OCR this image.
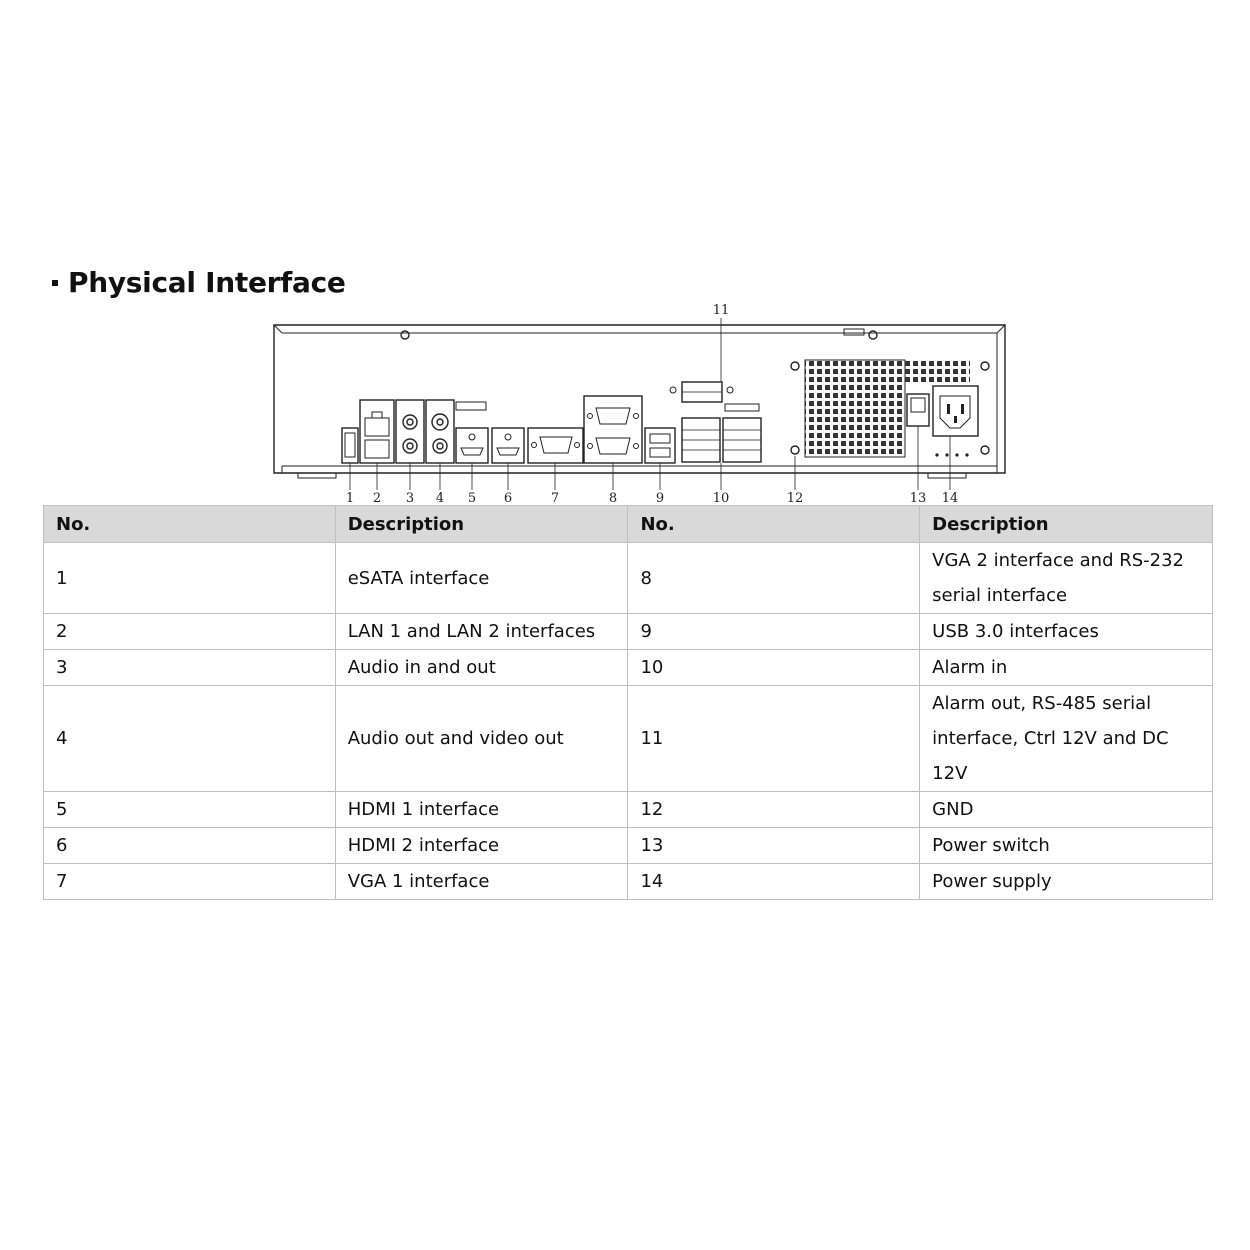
Physical Interface
1 2 3 4 5 6	7	8	9	10
11
12	13 14
No.	Description	No.	Description
1	eSATA interface	8	VGA 2 interface and RS-232 serial interface
2	LAN 1 and LAN 2 interfaces	9	USB 3.0 interfaces
3	Audio in and out	10	Alarm in
4	Audio out and video out	11	Alarm out, RS-485 serial interface, Ctrl 12V and DC 12V
5	HDMI 1 interface	12	GND
6	HDMI 2 interface	13	Power switch
7	VGA 1 interface	14	Power supply
